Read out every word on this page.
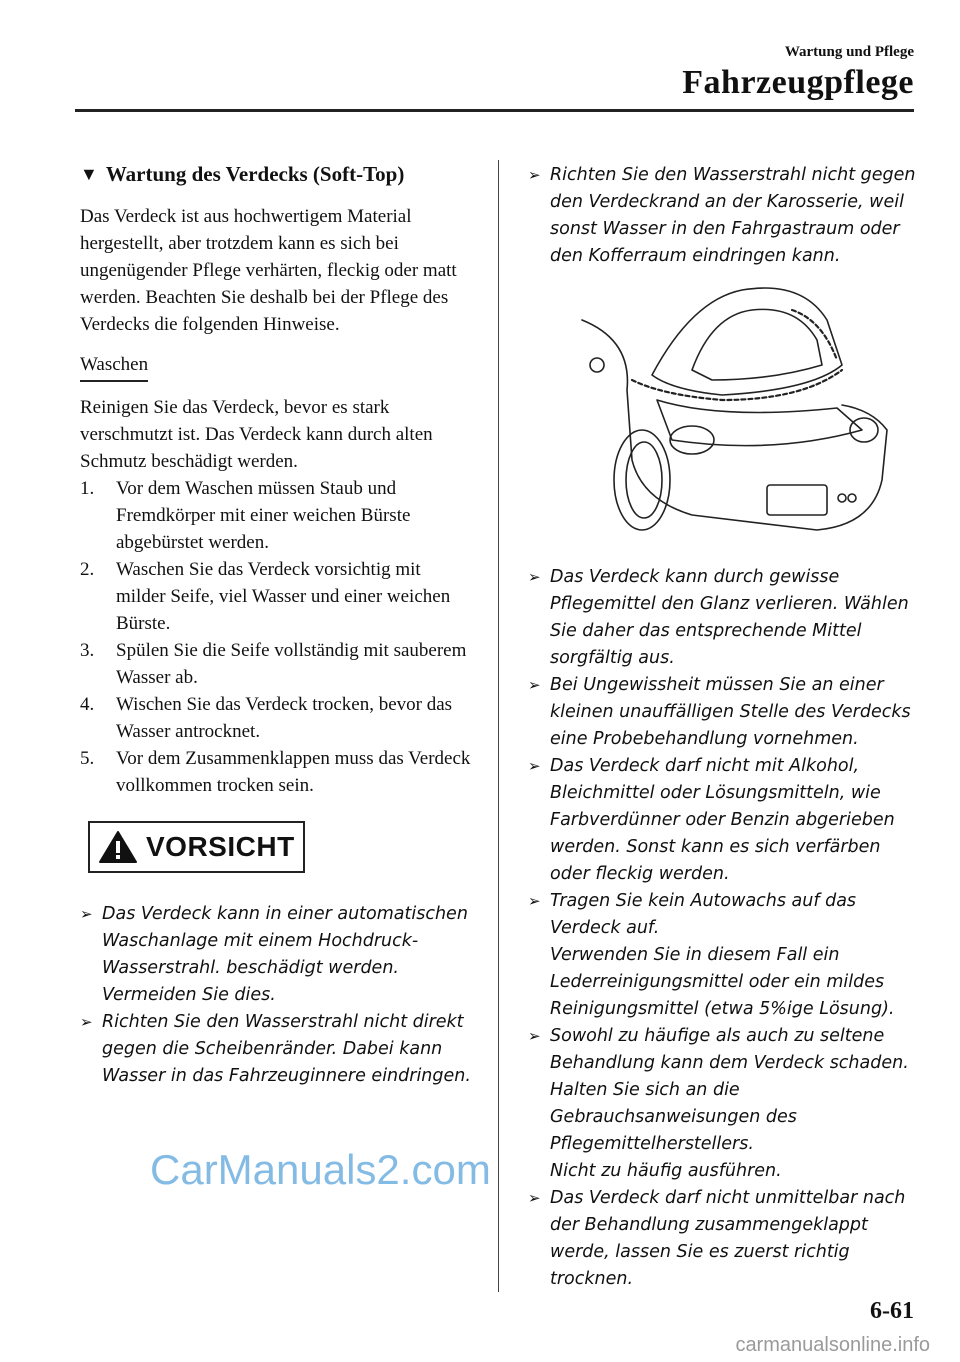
Wartung und Pflege
Fahrzeugpflege
▼ Wartung des Verdecks (Soft-Top)

Das Verdeck ist aus hochwertigem Material hergestellt, aber trotzdem kann es sich bei ungenügender Pflege verhärten, fleckig oder matt werden. Beachten Sie deshalb bei der Pflege des Verdecks die folgenden Hinweise.

Waschen

Reinigen Sie das Verdeck, bevor es stark verschmutzt ist. Das Verdeck kann durch alten Schmutz beschädigt werden.

1.	Vor dem Waschen müssen Staub und Fremdkörper mit einer weichen Bürste abgebürstet werden.
2.	Waschen Sie das Verdeck vorsichtig mit milder Seife, viel Wasser und einer weichen Bürste.
3.	Spülen Sie die Seife vollständig mit sauberem Wasser ab.
4.	Wischen Sie das Verdeck trocken, bevor das Wasser antrocknet.
5.	Vor dem Zusammenklappen muss das Verdeck vollkommen trocken sein.
VORSICHT
➢ Das Verdeck kann in einer automatischen Waschanlage mit einem Hochdruck-Wasserstrahl. beschädigt werden. Vermeiden Sie dies.
➢ Richten Sie den Wasserstrahl nicht direkt gegen die Scheibenränder. Dabei kann Wasser in das Fahrzeuginnere eindringen.
➢ Richten Sie den Wasserstrahl nicht gegen den Verdeckrand an der Karosserie, weil sonst Wasser in den Fahrgastraum oder den Kofferraum eindringen kann.
➢ Das Verdeck kann durch gewisse Pflegemittel den Glanz verlieren. Wählen Sie daher das entsprechende Mittel sorgfältig aus.
➢ Bei Ungewissheit müssen Sie an einer kleinen unauffälligen Stelle des Verdecks eine Probebehandlung vornehmen.
➢ Das Verdeck darf nicht mit Alkohol, Bleichmittel oder Lösungsmitteln, wie Farbverdünner oder Benzin abgerieben werden. Sonst kann es sich verfärben oder fleckig werden.
➢ Tragen Sie kein Autowachs auf das Verdeck auf.
Verwenden Sie in diesem Fall ein Lederreinigungsmittel oder ein mildes Reinigungsmittel (etwa 5%ige Lösung).
➢ Sowohl zu häufige als auch zu seltene Behandlung kann dem Verdeck schaden. Halten Sie sich an die Gebrauchsanweisungen des Pflegemittelherstellers.
Nicht zu häufig ausführen.
➢ Das Verdeck darf nicht unmittelbar nach der Behandlung zusammengeklappt werde, lassen Sie es zuerst richtig trocknen.
CarManuals2.com
6-61
carmanualsonline.info
